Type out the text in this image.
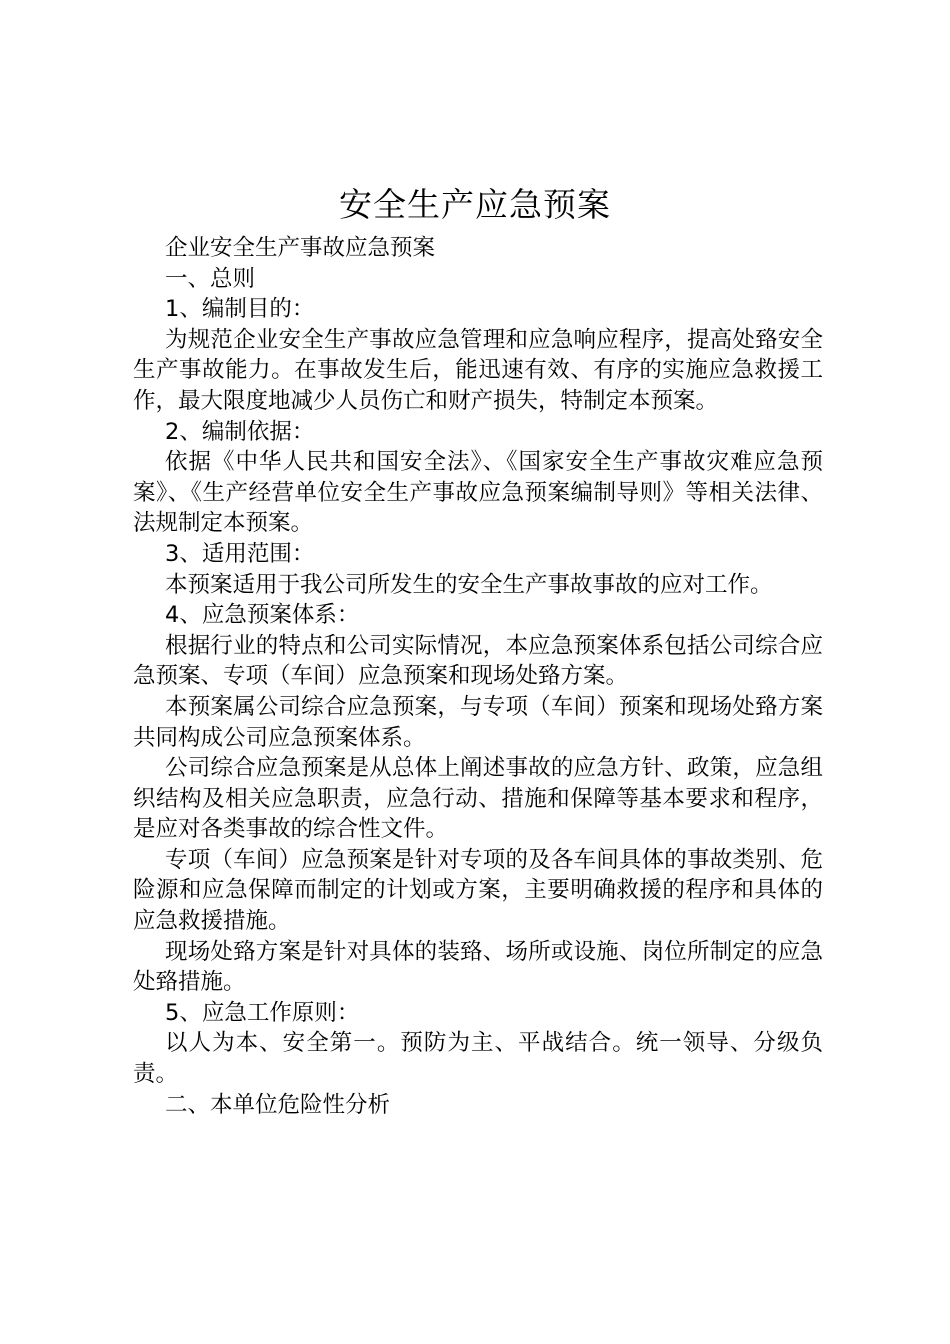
安全生产应急预案

企业安全生产事故应急预案

一、总则

1、编制目的：

为规范企业安全生产事故应急管理和应急响应程序，提高处臵安全生产事故能力。在事故发生后，能迅速有效、有序的实施应急救援工作，最大限度地减少人员伤亡和财产损失，特制定本预案。

2、编制依据：

依据《中华人民共和国安全法》、《国家安全生产事故灾难应急预案》、《生产经营单位安全生产事故应急预案编制导则》等相关法律、法规制定本预案。

3、适用范围：

本预案适用于我公司所发生的安全生产事故事故的应对工作。

4、应急预案体系：

根据行业的特点和公司实际情况，本应急预案体系包括公司综合应急预案、专项（车间）应急预案和现场处臵方案。

本预案属公司综合应急预案，与专项（车间）预案和现场处臵方案共同构成公司应急预案体系。

公司综合应急预案是从总体上阐述事故的应急方针、政策，应急组织结构及相关应急职责，应急行动、措施和保障等基本要求和程序，是应对各类事故的综合性文件。

专项（车间）应急预案是针对专项的及各车间具体的事故类别、危险源和应急保障而制定的计划或方案，主要明确救援的程序和具体的应急救援措施。

现场处臵方案是针对具体的装臵、场所或设施、岗位所制定的应急处臵措施。

5、应急工作原则：

以人为本、安全第一。预防为主、平战结合。统一领导、分级负责。

二、本单位危险性分析
